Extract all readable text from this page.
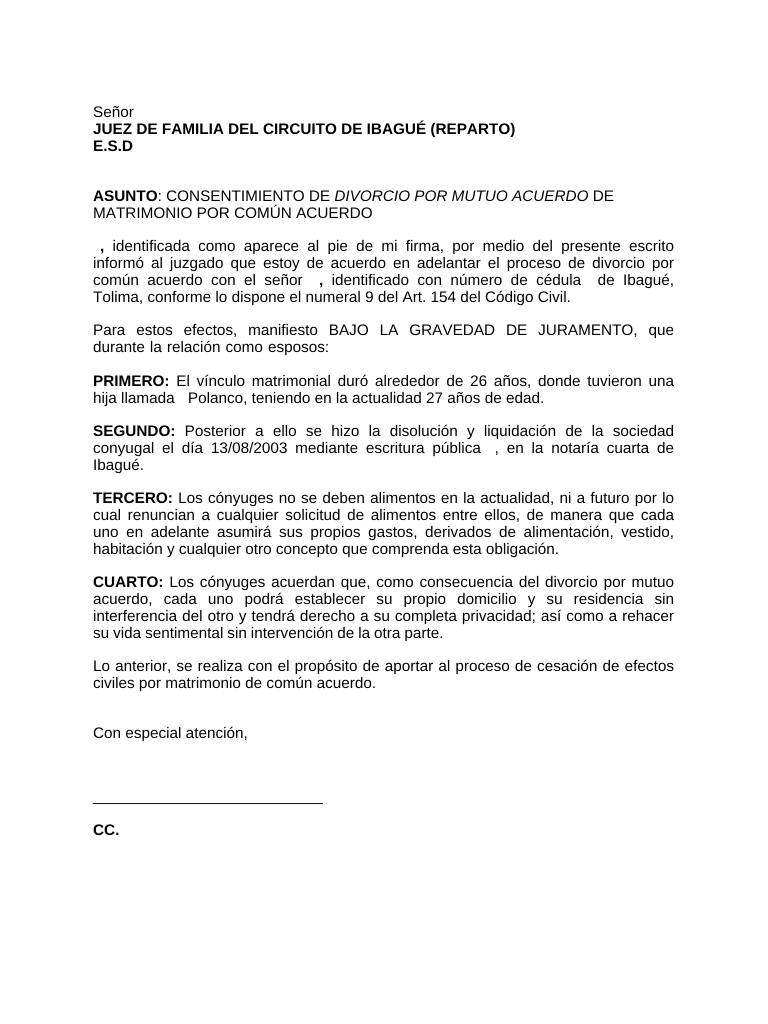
Señor
JUEZ DE FAMILIA DEL CIRCUITO DE IBAGUÉ (REPARTO)
E.S.D

ASUNTO: CONSENTIMIENTO DE DIVORCIO POR MUTUO ACUERDO DE MATRIMONIO POR COMÚN ACUERDO

, identificada como aparece al pie de mi firma, por medio del presente escrito informó al juzgado que estoy de acuerdo en adelantar el proceso de divorcio por común acuerdo con el señor , identificado con número de cédula de Ibagué, Tolima, conforme lo dispone el numeral 9 del Art. 154 del Código Civil.

Para estos efectos, manifiesto BAJO LA GRAVEDAD DE JURAMENTO, que durante la relación como esposos:

PRIMERO: El vínculo matrimonial duró alrededor de 26 años, donde tuvieron una hija llamada Polanco, teniendo en la actualidad 27 años de edad.

SEGUNDO: Posterior a ello se hizo la disolución y liquidación de la sociedad conyugal el día 13/08/2003 mediante escritura pública , en la notaría cuarta de Ibagué.

TERCERO: Los cónyuges no se deben alimentos en la actualidad, ni a futuro por lo cual renuncian a cualquier solicitud de alimentos entre ellos, de manera que cada uno en adelante asumirá sus propios gastos, derivados de alimentación, vestido, habitación y cualquier otro concepto que comprenda esta obligación.

CUARTO: Los cónyuges acuerdan que, como consecuencia del divorcio por mutuo acuerdo, cada uno podrá establecer su propio domicilio y su residencia sin interferencia del otro y tendrá derecho a su completa privacidad; así como a rehacer su vida sentimental sin intervención de la otra parte.

Lo anterior, se realiza con el propósito de aportar al proceso de cesación de efectos civiles por matrimonio de común acuerdo.

Con especial atención,

___________________________

CC.
